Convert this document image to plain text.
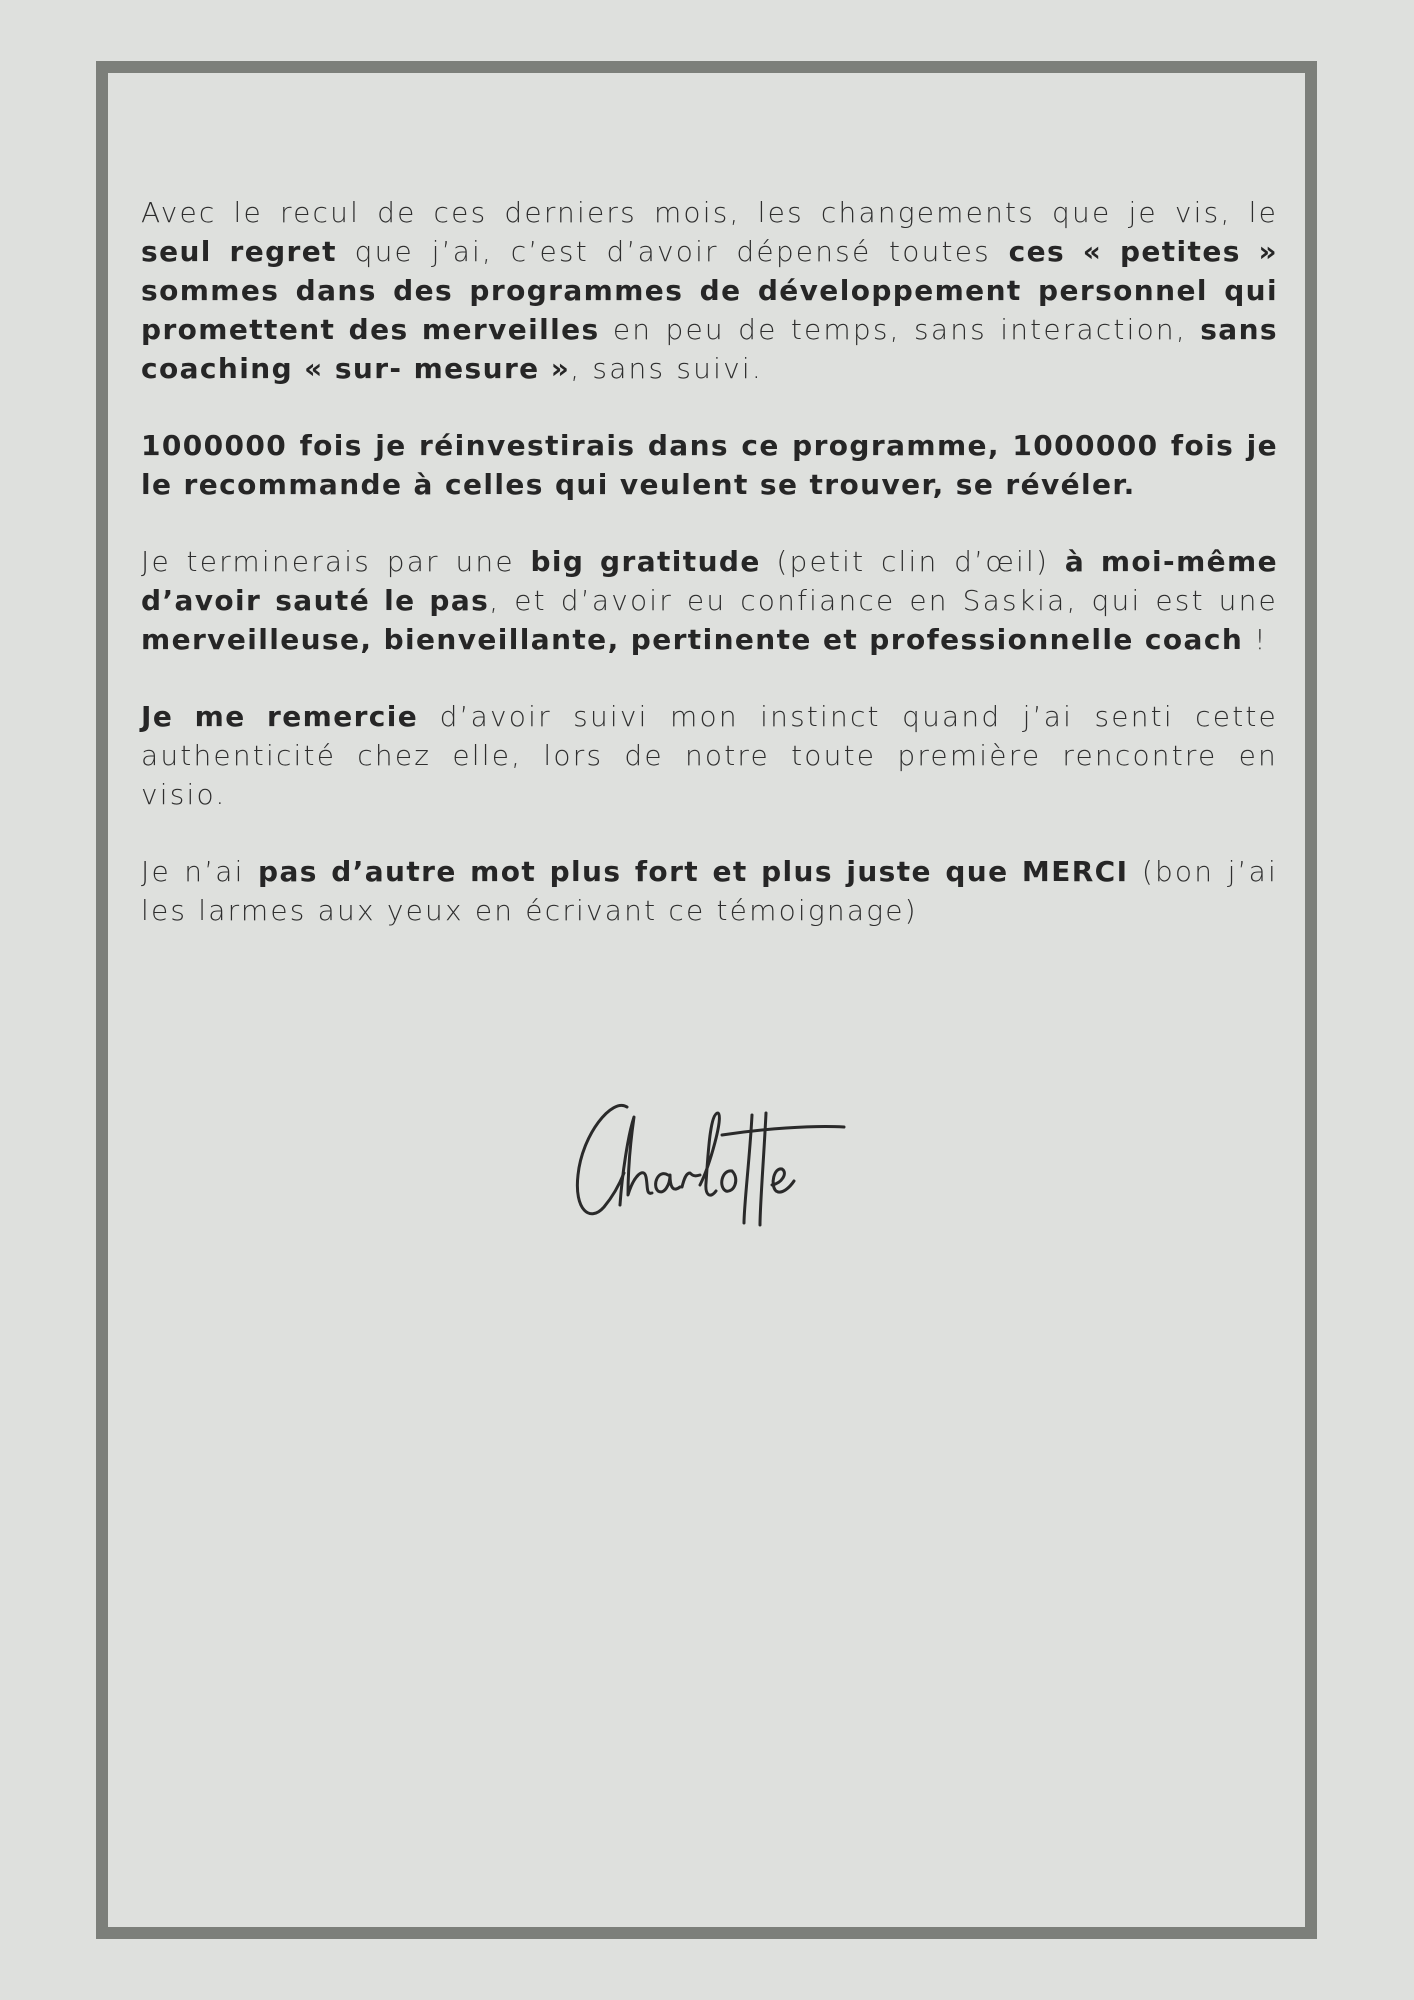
Avec le recul de ces derniers mois, les changements que je vis, le seul regret que j’ai, c’est d’avoir dépensé toutes ces « petites » sommes dans des programmes de développement personnel qui promettent des merveilles en peu de temps, sans interaction, sans coaching « sur- mesure », sans suivi.

1000000 fois je réinvestirais dans ce programme, 1000000 fois je le recommande à celles qui veulent se trouver, se révéler.

Je terminerais par une big gratitude (petit clin d’œil) à moi-même d’avoir sauté le pas, et d’avoir eu confiance en Saskia, qui est une merveilleuse, bienveillante, pertinente et professionnelle coach !

Je me remercie d’avoir suivi mon instinct quand j’ai senti cette authenticité chez elle, lors de notre toute première rencontre en visio.

Je n’ai pas d’autre mot plus fort et plus juste que MERCI (bon j’ai les larmes aux yeux en écrivant ce témoignage)
